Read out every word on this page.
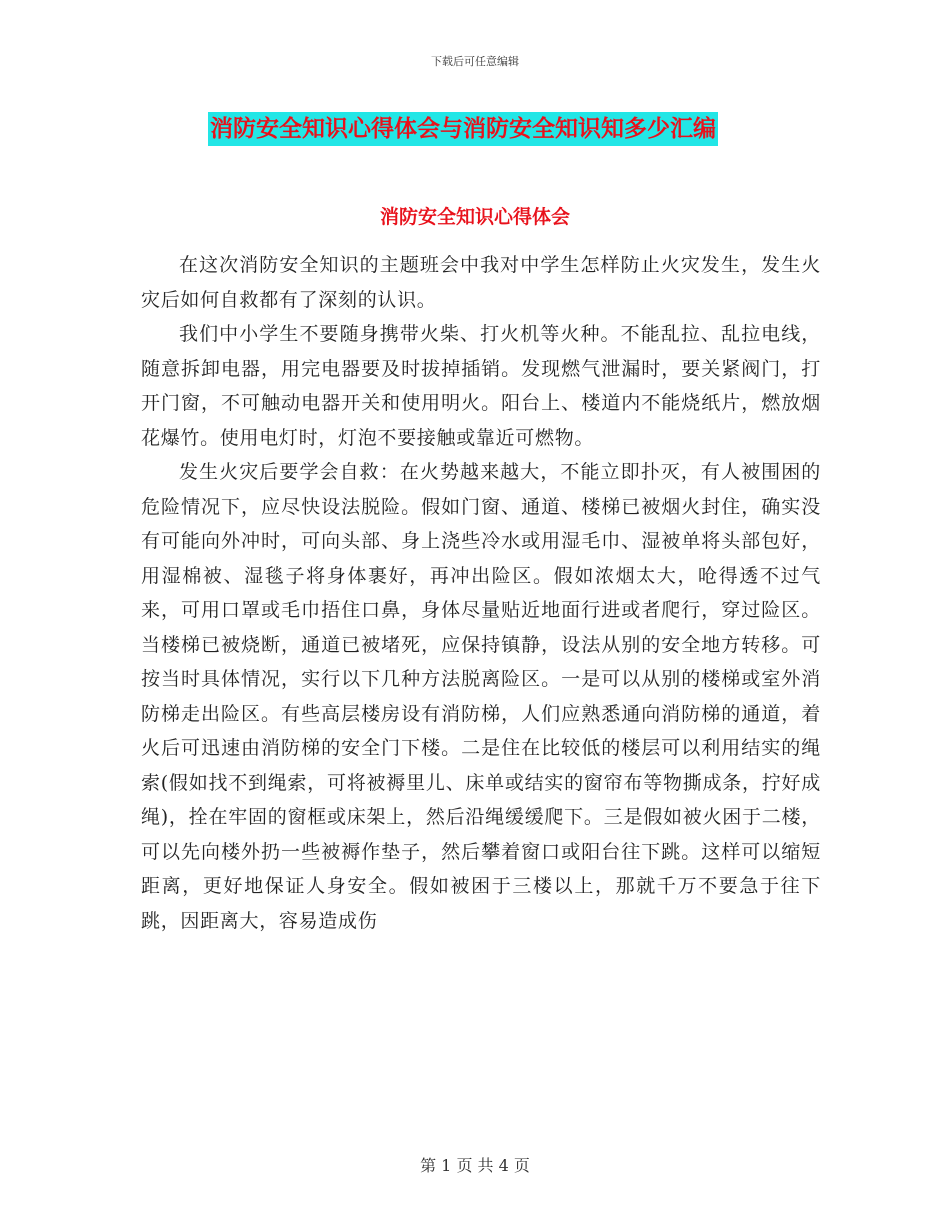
下载后可任意编辑
消防安全知识心得体会与消防安全知识知多少汇编
消防安全知识心得体会

在这次消防安全知识的主题班会中我对中学生怎样防止火灾发生，发生火灾后如何自救都有了深刻的认识。

我们中小学生不要随身携带火柴、打火机等火种。不能乱拉、乱拉电线，随意拆卸电器，用完电器要及时拔掉插销。发现燃气泄漏时，要关紧阀门，打开门窗，不可触动电器开关和使用明火。阳台上、楼道内不能烧纸片，燃放烟花爆竹。使用电灯时，灯泡不要接触或靠近可燃物。

发生火灾后要学会自救：在火势越来越大，不能立即扑灭，有人被围困的危险情况下，应尽快设法脱险。假如门窗、通道、楼梯已被烟火封住，确实没有可能向外冲时，可向头部、身上浇些冷水或用湿毛巾、湿被单将头部包好，用湿棉被、湿毯子将身体裹好，再冲出险区。假如浓烟太大，呛得透不过气来，可用口罩或毛巾捂住口鼻，身体尽量贴近地面行进或者爬行，穿过险区。当楼梯已被烧断，通道已被堵死，应保持镇静，设法从别的安全地方转移。可按当时具体情况，实行以下几种方法脱离险区。一是可以从别的楼梯或室外消防梯走出险区。有些高层楼房设有消防梯，人们应熟悉通向消防梯的通道，着火后可迅速由消防梯的安全门下楼。二是住在比较低的楼层可以利用结实的绳索(假如找不到绳索，可将被褥里儿、床单或结实的窗帘布等物撕成条，拧好成绳)，拴在牢固的窗框或床架上，然后沿绳缓缓爬下。三是假如被火困于二楼，可以先向楼外扔一些被褥作垫子，然后攀着窗口或阳台往下跳。这样可以缩短距离，更好地保证人身安全。假如被困于三楼以上，那就千万不要急于往下跳，因距离大，容易造成伤

第 1 页 共 4 页
